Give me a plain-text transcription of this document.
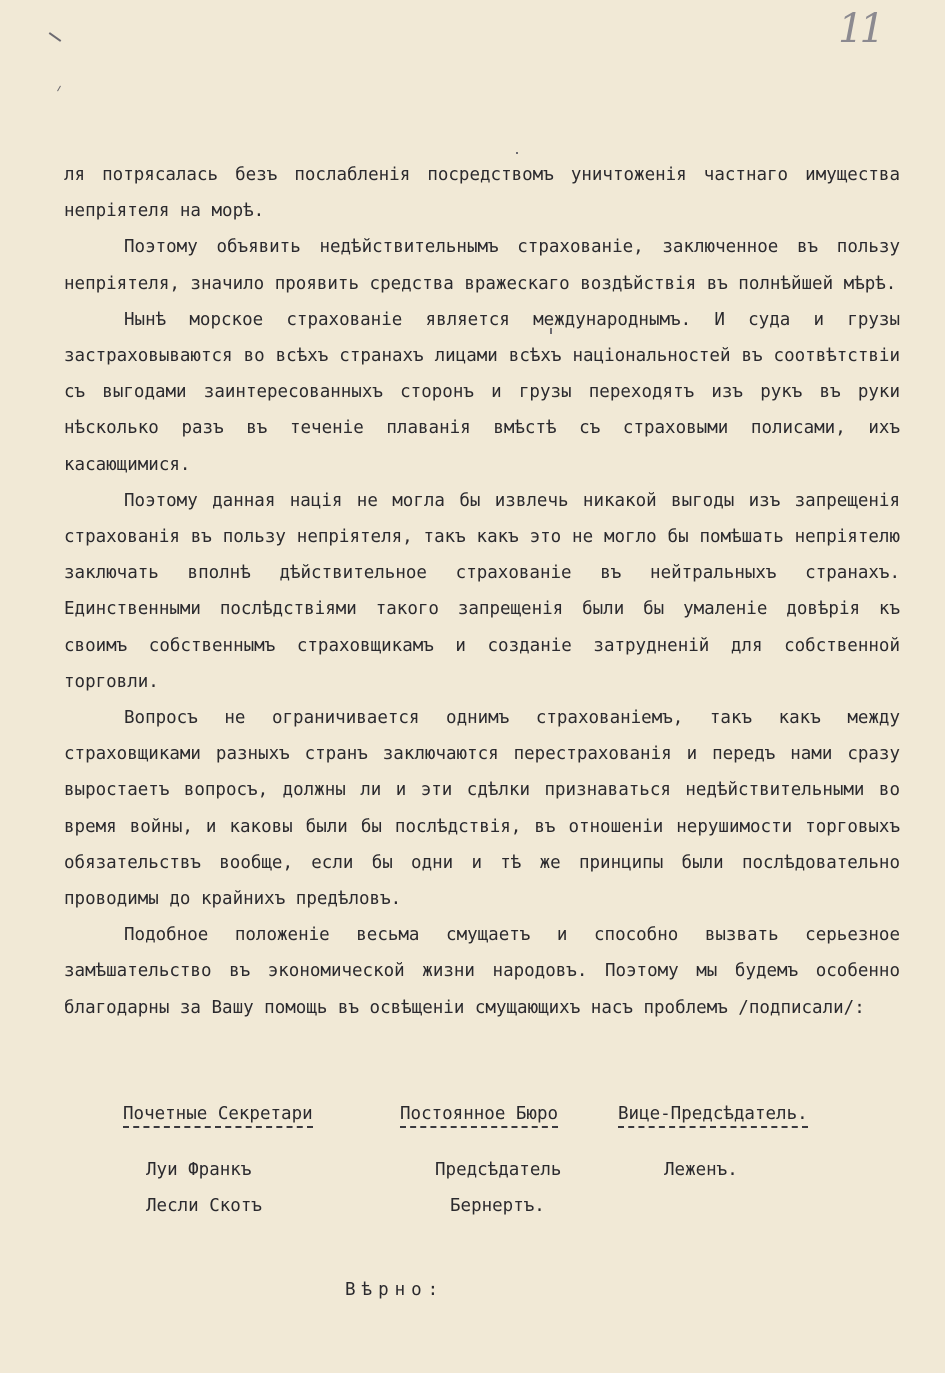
11

ля потрясалась безъ послабленія посредствомъ уничтоженія частнаго имущества непріятеля на морѣ.

Поэтому объявить недѣйствительнымъ страхованіе, заключенное въ пользу непріятеля, значило проявить средства вражескаго воздѣйствія въ полнѣйшей мѣрѣ.

Нынѣ морское страхованіе является международнымъ. И суда и грузы застраховываются во всѣхъ странахъ лицами всѣхъ національностей въ соотвѣтствіи съ выгодами заинтересованныхъ сторонъ и грузы переходятъ изъ рукъ въ руки нѣсколько разъ въ теченіе плаванія вмѣстѣ съ страховыми полисами, ихъ касающимися.

Поэтому данная нація не могла бы извлечь никакой выгоды изъ запрещенія страхованія въ пользу непріятеля, такъ какъ это не могло бы помѣшать непріятелю заключать вполнѣ дѣйствительное страхованіе въ нейтральныхъ странахъ. Единственными послѣдствіями такого запрещенія были бы умаленіе довѣрія къ своимъ собственнымъ страховщикамъ и созданіе затрудненій для собственной торговли.

Вопросъ не ограничивается однимъ страхованіемъ, такъ какъ между страховщиками разныхъ странъ заключаются перестрахованія и передъ нами сразу выростаетъ вопросъ, должны ли и эти сдѣлки признаваться недѣйствительными во время войны, и каковы были бы послѣдствія, въ отношеніи нерушимости торговыхъ обязательствъ вообще, если бы одни и тѣ же принципы были послѣдовательно проводимы до крайнихъ предѣловъ.

Подобное положеніе весьма смущаетъ и способно вызвать серьезное замѣшательство въ экономической жизни народовъ. Поэтому мы будемъ особенно благодарны за Вашу помощь въ освѣщеніи смущающихъ насъ проблемъ /подписали/:

Почетные Секретари	Постоянное Бюро	Вице-Предсѣдатель.
Луи Франкъ
Лесли Скотъ
Предсѣдатель
Бернертъ.
Леженъ.
Вѣрно:
